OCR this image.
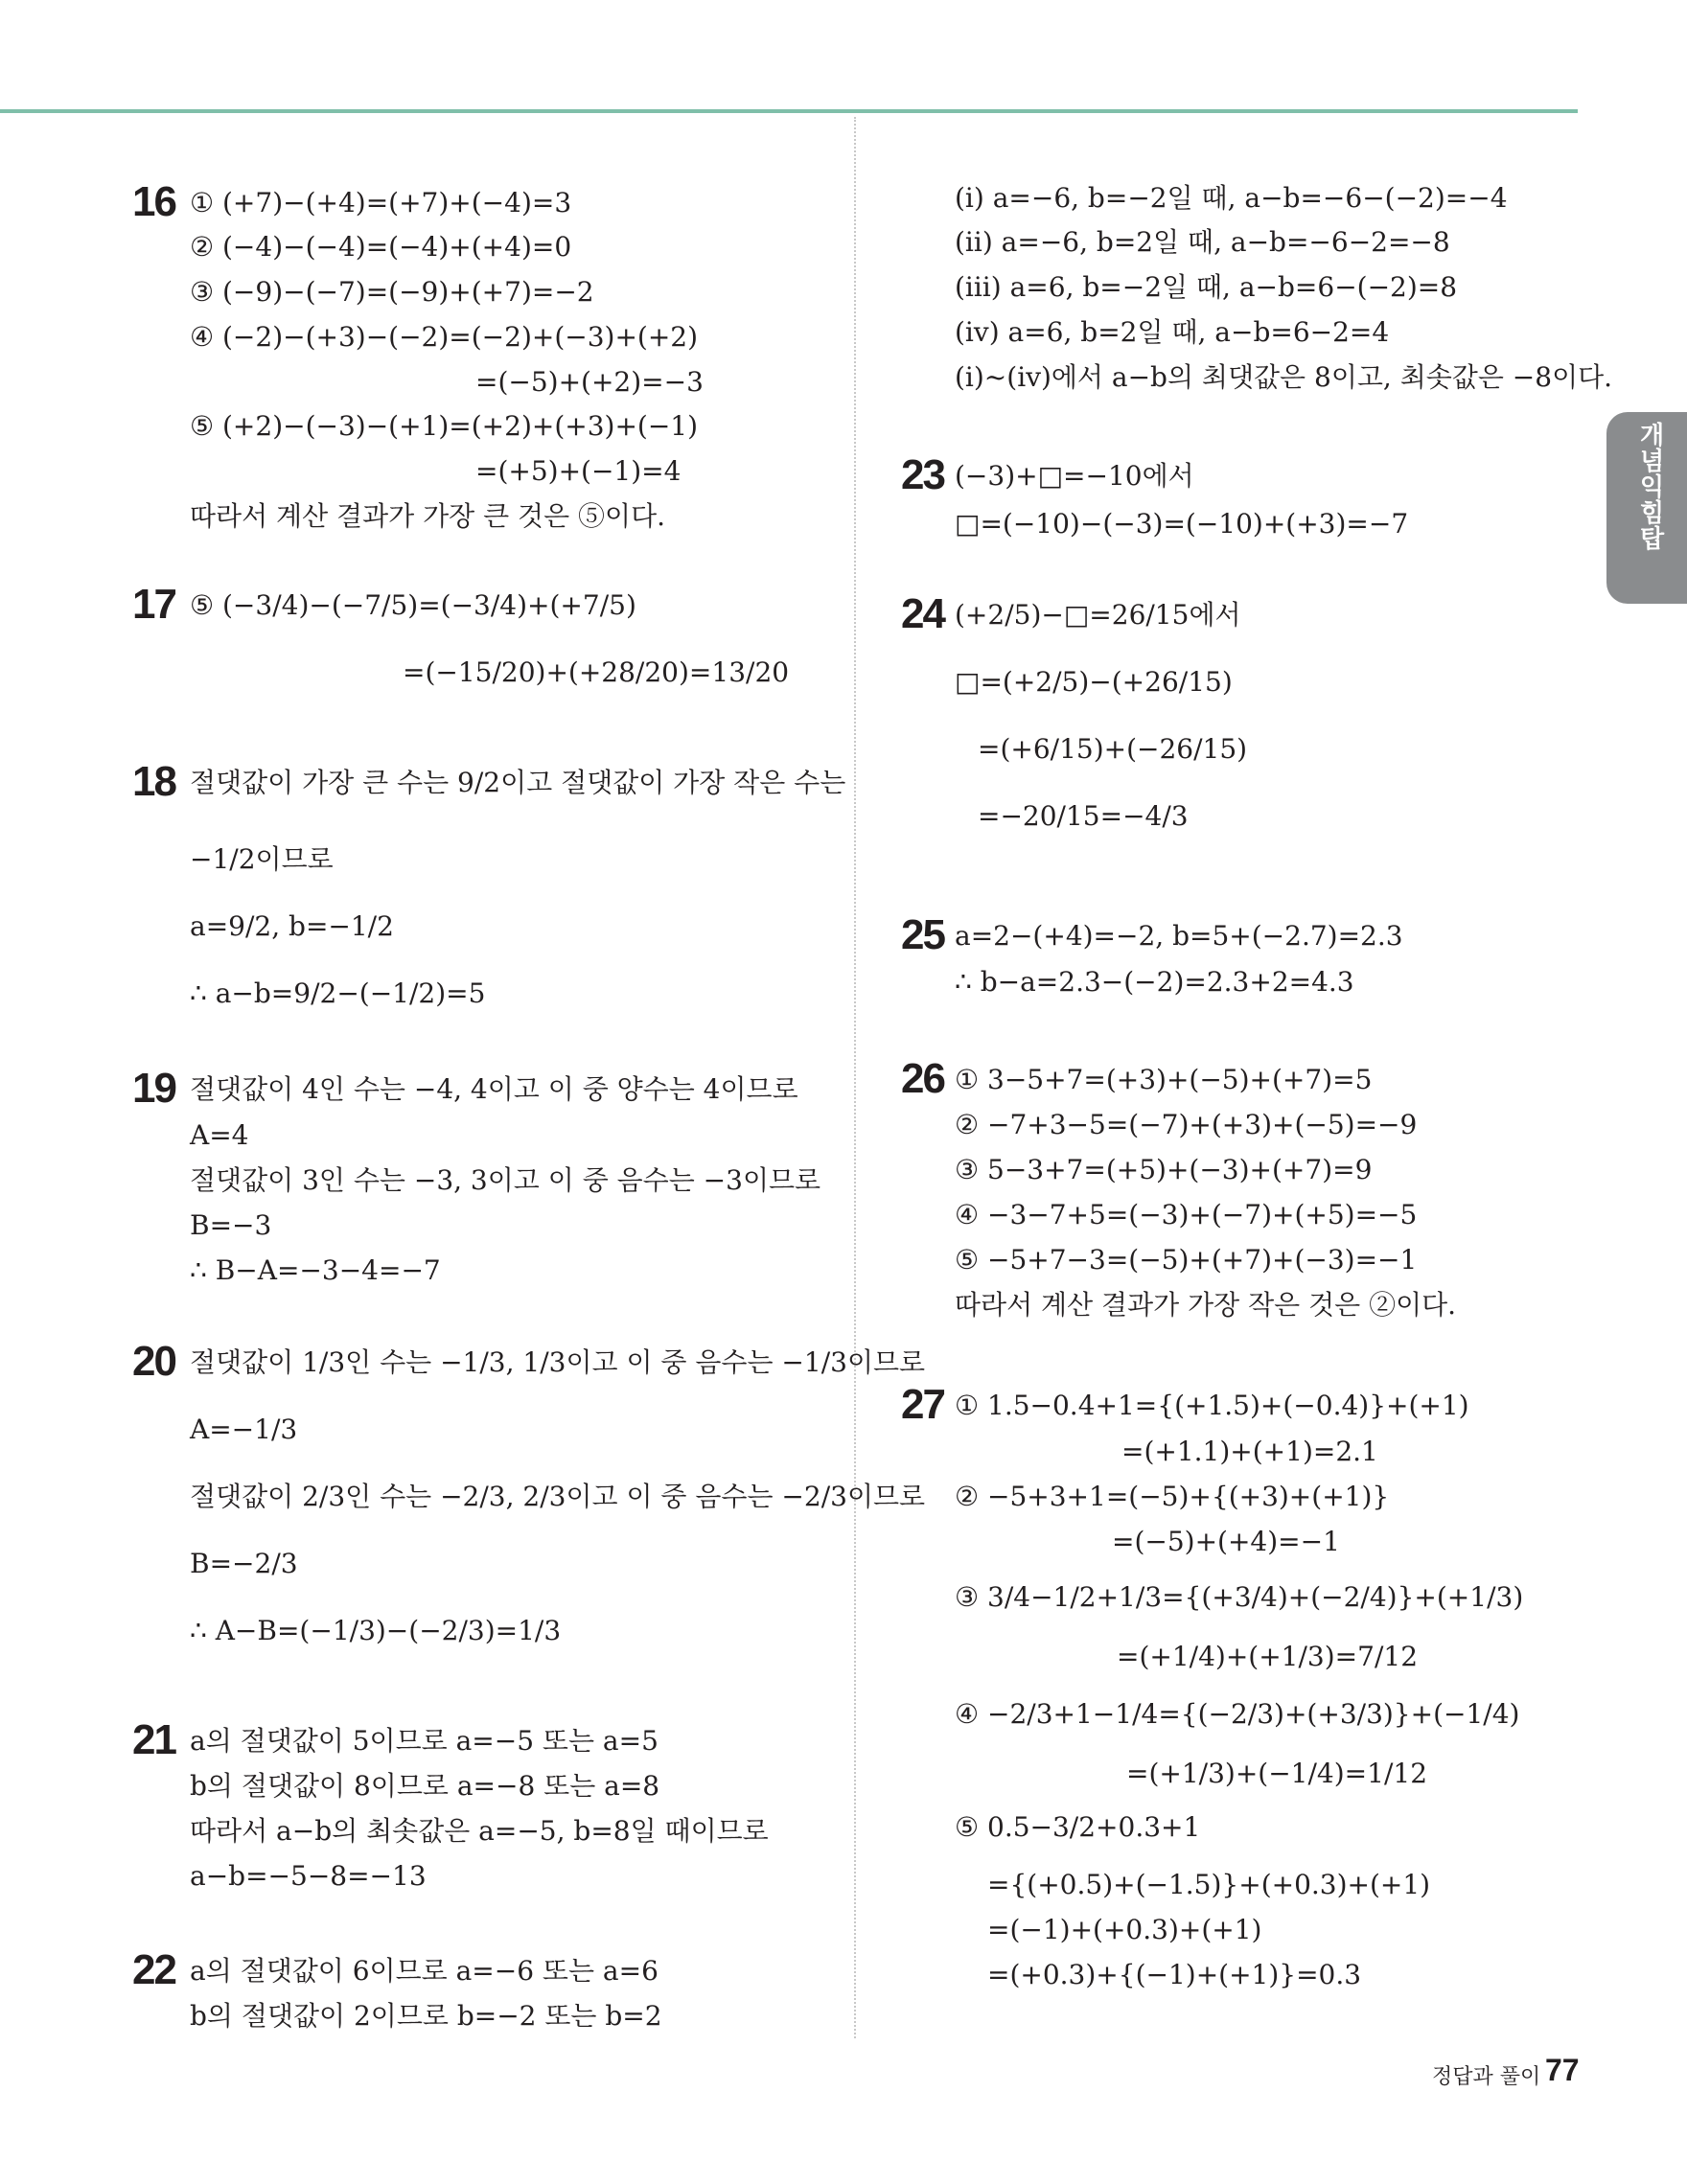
개념익힘탑
16 ① (+7)−(+4)=(+7)+(−4)=3
② (−4)−(−4)=(−4)+(+4)=0
③ (−9)−(−7)=(−9)+(+7)=−2
④ (−2)−(+3)−(−2)=(−2)+(−3)+(+2)
=(−5)+(+2)=−3
⑤ (+2)−(−3)−(+1)=(+2)+(+3)+(−1)
=(+5)+(−1)=4
따라서 계산 결과가 가장 큰 것은 ⑤이다.
17 ⑤ (−3/4)−(−7/5)=(−3/4)+(+7/5)
=(−15/20)+(+28/20)=13/20
18 절댓값이 가장 큰 수는 9/2이고 절댓값이 가장 작은 수는
−1/2이므로
a=9/2, b=−1/2
∴ a−b=9/2−(−1/2)=5
19 절댓값이 4인 수는 −4, 4이고 이 중 양수는 4이므로
A=4
절댓값이 3인 수는 −3, 3이고 이 중 음수는 −3이므로
B=−3
∴ B−A=−3−4=−7
20 절댓값이 1/3인 수는 −1/3, 1/3이고 이 중 음수는 −1/3이므로
A=−1/3
절댓값이 2/3인 수는 −2/3, 2/3이고 이 중 음수는 −2/3이므로
B=−2/3
∴ A−B=(−1/3)−(−2/3)=1/3
21 a의 절댓값이 5이므로 a=−5 또는 a=5
b의 절댓값이 8이므로 a=−8 또는 a=8
따라서 a−b의 최솟값은 a=−5, b=8일 때이므로
a−b=−5−8=−13
22 a의 절댓값이 6이므로 a=−6 또는 a=6
b의 절댓값이 2이므로 b=−2 또는 b=2
(ⅰ) a=−6, b=−2일 때, a−b=−6−(−2)=−4
(ⅱ) a=−6, b=2일 때, a−b=−6−2=−8
(ⅲ) a=6, b=−2일 때, a−b=6−(−2)=8
(ⅳ) a=6, b=2일 때, a−b=6−2=4
(ⅰ)~(ⅳ)에서 a−b의 최댓값은 8이고, 최솟값은 −8이다.
23 (−3)+□=−10에서
□=(−10)−(−3)=(−10)+(+3)=−7
24 (+2/5)−□=26/15에서
□=(+2/5)−(+26/15)
=(+6/15)+(−26/15)
=−20/15=−4/3
25 a=2−(+4)=−2, b=5+(−2.7)=2.3
∴ b−a=2.3−(−2)=2.3+2=4.3
26 ① 3−5+7=(+3)+(−5)+(+7)=5
② −7+3−5=(−7)+(+3)+(−5)=−9
③ 5−3+7=(+5)+(−3)+(+7)=9
④ −3−7+5=(−3)+(−7)+(+5)=−5
⑤ −5+7−3=(−5)+(+7)+(−3)=−1
따라서 계산 결과가 가장 작은 것은 ②이다.
27 ① 1.5−0.4+1={(+1.5)+(−0.4)}+(+1)
=(+1.1)+(+1)=2.1
② −5+3+1=(−5)+{(+3)+(+1)}
=(−5)+(+4)=−1
③ 3/4−1/2+1/3={(+3/4)+(−2/4)}+(+1/3)
=(+1/4)+(+1/3)=7/12
④ −2/3+1−1/4={(−2/3)+(+3/3)}+(−1/4)
=(+1/3)+(−1/4)=1/12
⑤ 0.5−3/2+0.3+1
={(+0.5)+(−1.5)}+(+0.3)+(+1)
=(−1)+(+0.3)+(+1)
=(+0.3)+{(−1)+(+1)}=0.3
정답과 풀이 77
